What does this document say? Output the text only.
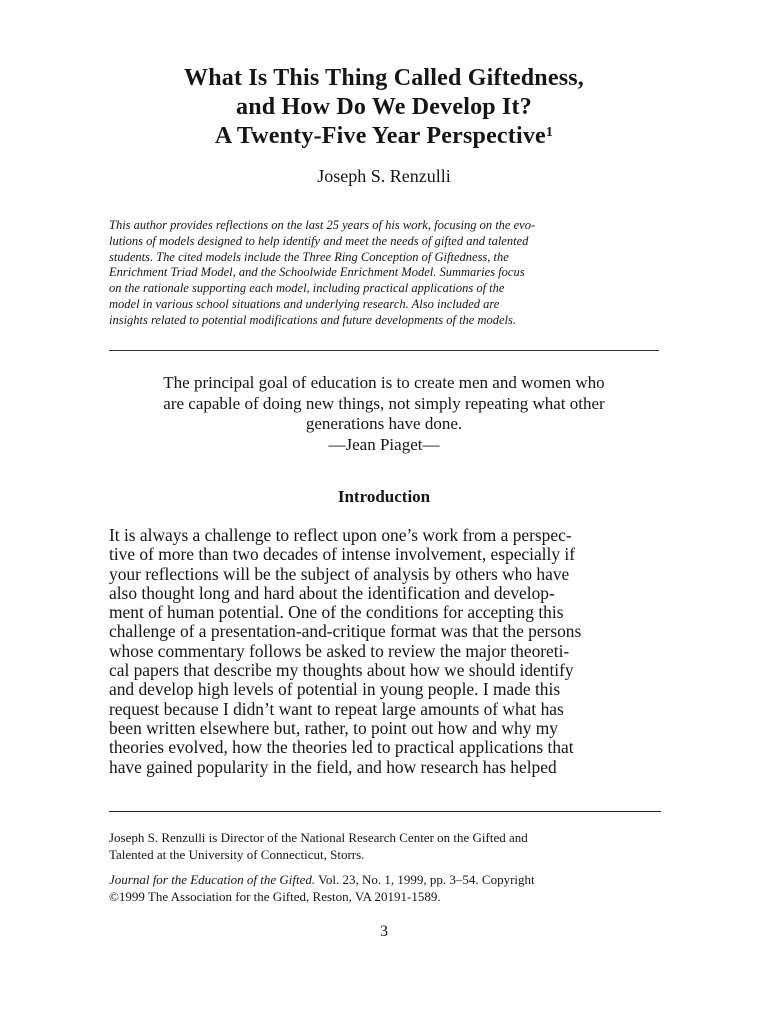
What Is This Thing Called Giftedness,
and How Do We Develop It?
A Twenty-Five Year Perspective$^1$
Joseph S. Renzulli
This author provides reflections on the last 25 years of his work, focusing on the evo-
lutions of models designed to help identify and meet the needs of gifted and talented
students. The cited models include the Three Ring Conception of Giftedness, the
Enrichment Triad Model, and the Schoolwide Enrichment Model. Summaries focus
on the rationale supporting each model, including practical applications of the
model in various school situations and underlying research. Also included are
insights related to potential modifications and future developments of the models.
The principal goal of education is to create men and women who
are capable of doing new things, not simply repeating what other
generations have done.
—Jean Piaget—
Introduction
It is always a challenge to reflect upon one’s work from a perspec-
tive of more than two decades of intense involvement, especially if
your reflections will be the subject of analysis by others who have
also thought long and hard about the identification and develop-
ment of human potential. One of the conditions for accepting this
challenge of a presentation-and-critique format was that the persons
whose commentary follows be asked to review the major theoreti-
cal papers that describe my thoughts about how we should identify
and develop high levels of potential in young people. I made this
request because I didn’t want to repeat large amounts of what has
been written elsewhere but, rather, to point out how and why my
theories evolved, how the theories led to practical applications that
have gained popularity in the field, and how research has helped
Joseph S. Renzulli is Director of the National Research Center on the Gifted and
Talented at the University of Connecticut, Storrs.
Journal for the Education of the Gifted. Vol. 23, No. 1, 1999, pp. 3–54. Copyright
©1999 The Association for the Gifted, Reston, VA 20191-1589.
3
